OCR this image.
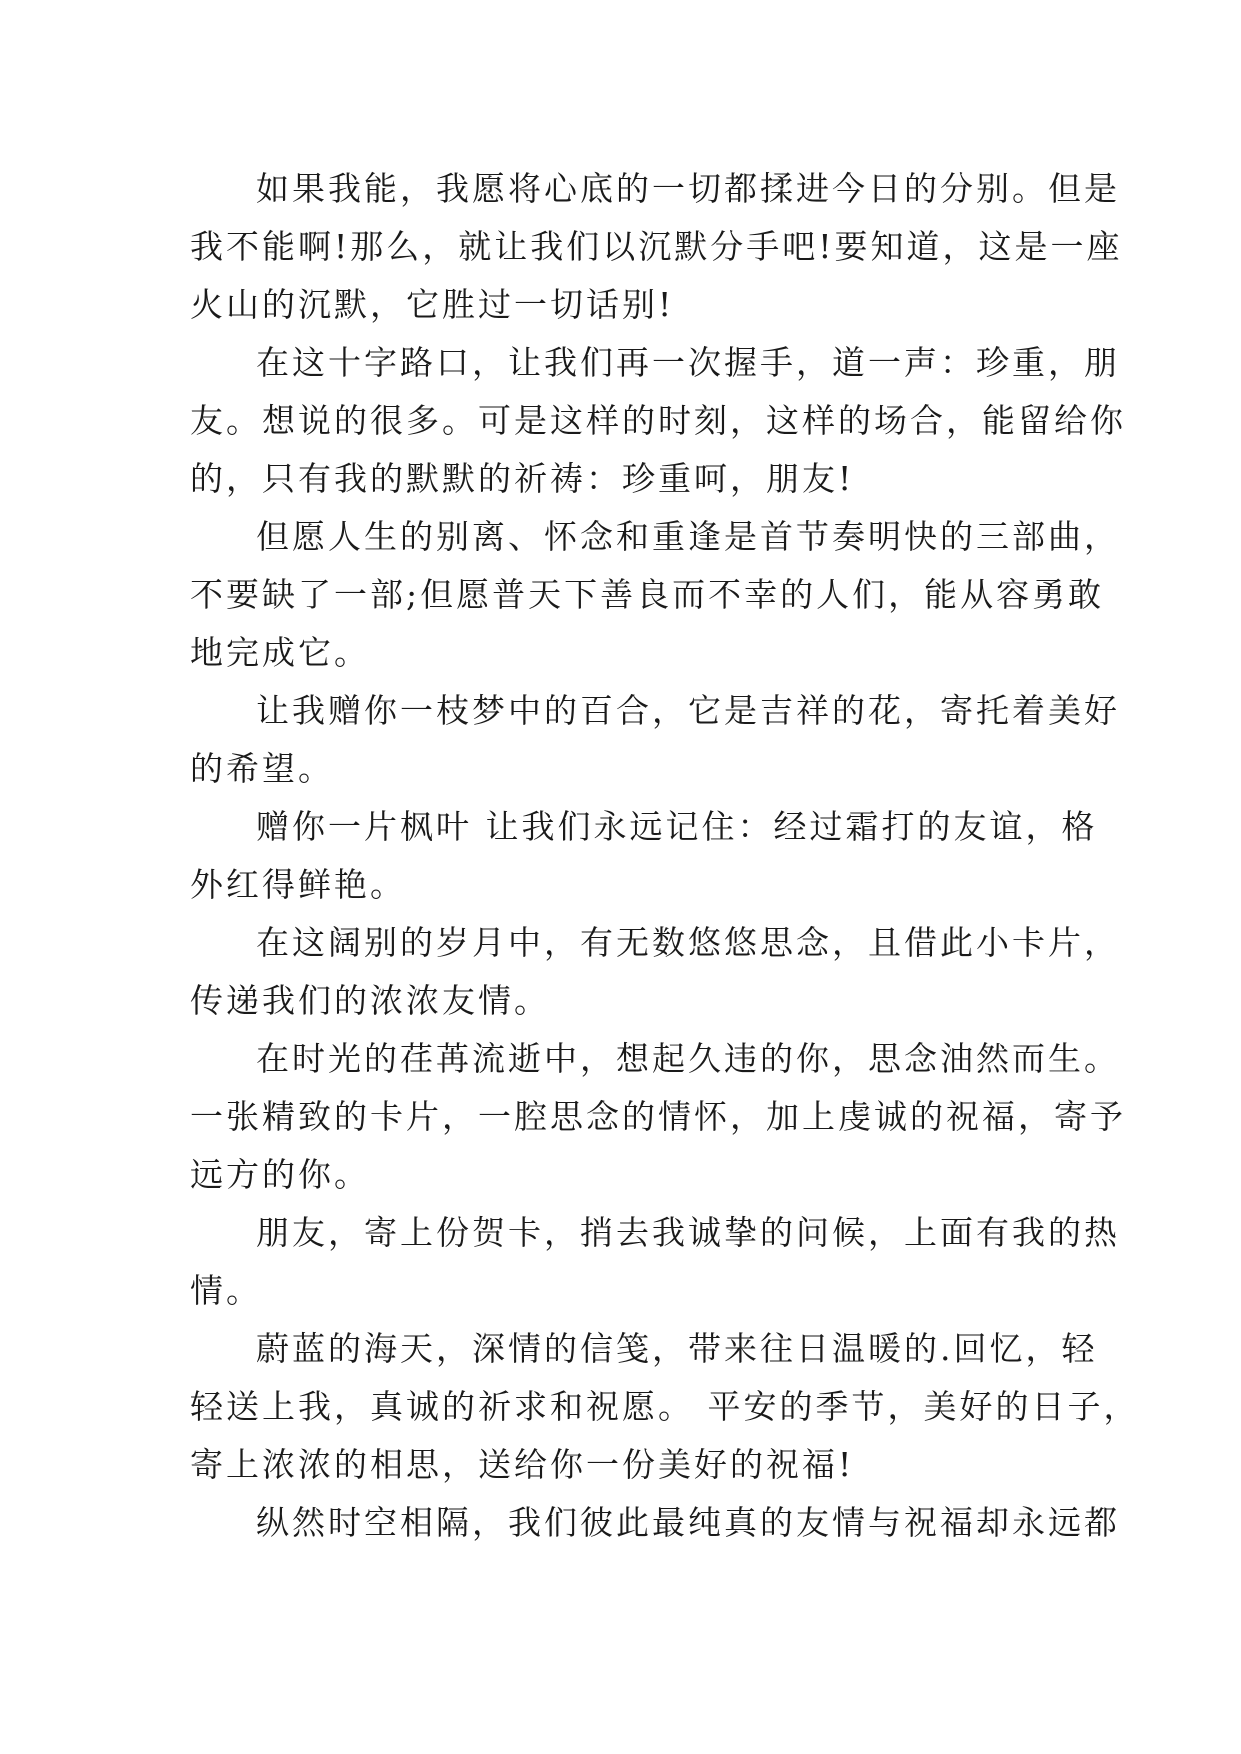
如果我能，我愿将心底的一切都揉进今日的分别。但是
我不能啊!那么，就让我们以沉默分手吧!要知道，这是一座
火山的沉默，它胜过一切话别!
在这十字路口，让我们再一次握手，道一声：珍重，朋
友。想说的很多。可是这样的时刻，这样的场合，能留给你
的，只有我的默默的祈祷：珍重呵，朋友!
但愿人生的别离、怀念和重逢是首节奏明快的三部曲，
不要缺了一部;但愿普天下善良而不幸的人们，能从容勇敢
地完成它。
让我赠你一枝梦中的百合，它是吉祥的花，寄托着美好
的希望。
赠你一片枫叶 让我们永远记住：经过霜打的友谊，格
外红得鲜艳。
在这阔别的岁月中，有无数悠悠思念，且借此小卡片，
传递我们的浓浓友情。
在时光的荏苒流逝中，想起久违的你，思念油然而生。
一张精致的卡片，一腔思念的情怀，加上虔诚的祝福，寄予
远方的你。
朋友，寄上份贺卡，捎去我诚挚的问候，上面有我的热
情。
蔚蓝的海天，深情的信笺，带来往日温暖的.回忆，轻
轻送上我，真诚的祈求和祝愿。 平安的季节，美好的日子，
寄上浓浓的相思，送给你一份美好的祝福!
纵然时空相隔，我们彼此最纯真的友情与祝福却永远都
